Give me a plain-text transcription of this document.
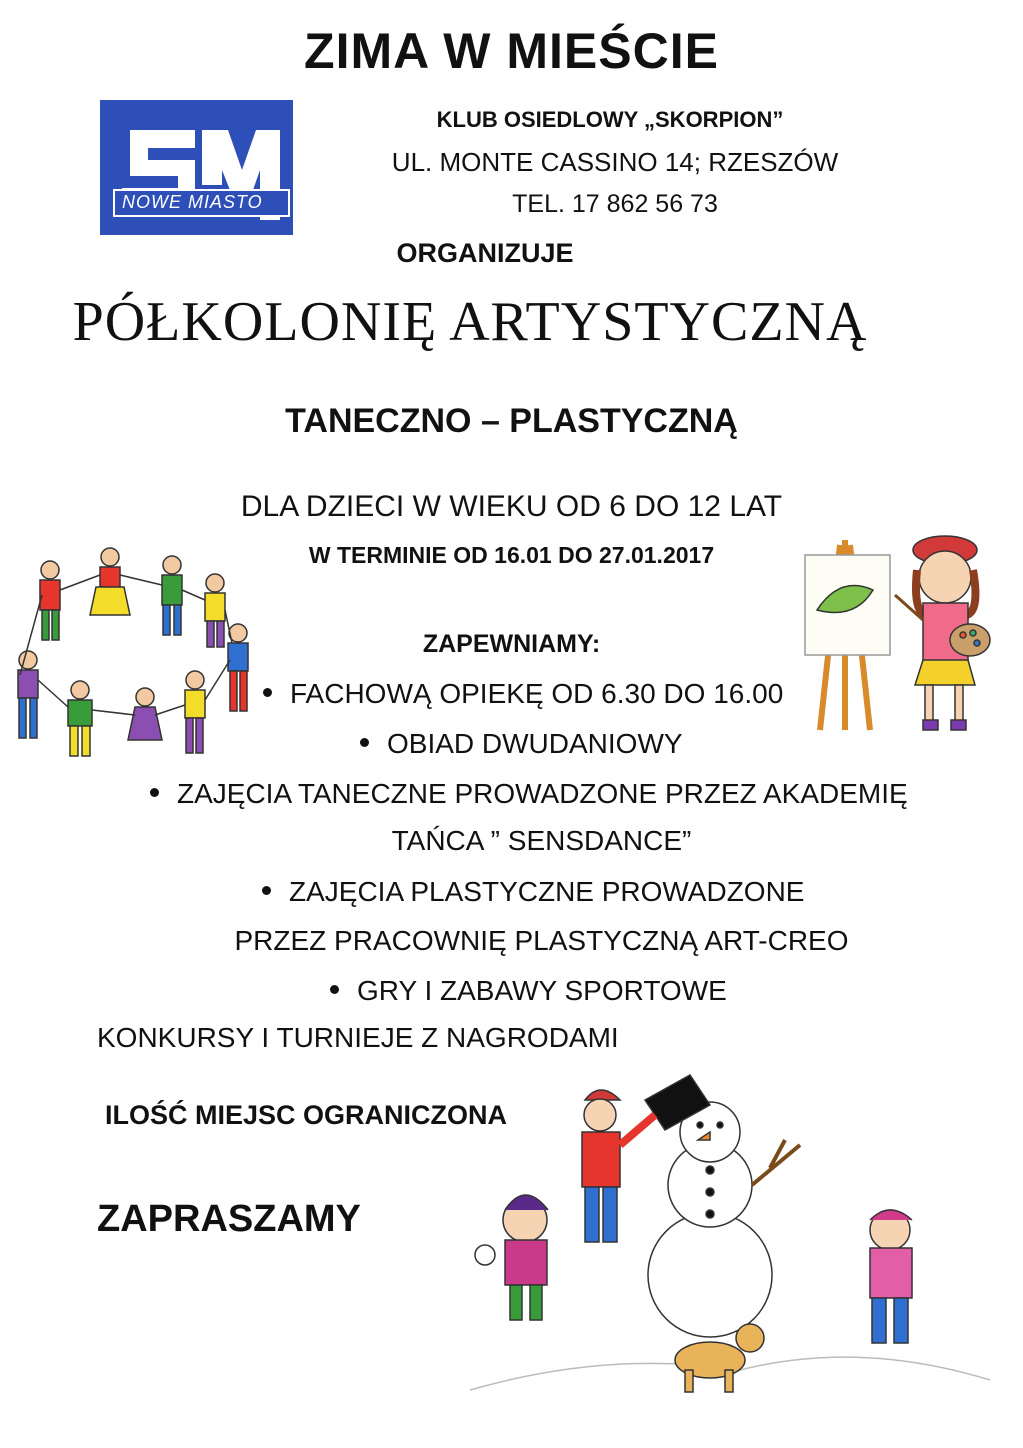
ZIMA W MIEŚCIE
NOWE MIASTO
KLUB OSIEDLOWY „SKORPION”
UL. MONTE CASSINO 14; RZESZÓW
TEL. 17 862 56 73
ORGANIZUJE
PÓŁKOLONIĘ ARTYSTYCZNĄ
TANECZNO – PLASTYCZNĄ
DLA DZIECI W WIEKU OD 6 DO 12 LAT
W TERMINIE OD 16.01 DO 27.01.2017
ZAPEWNIAMY:
FACHOWĄ OPIEKĘ OD 6.30 DO 16.00
OBIAD DWUDANIOWY
ZAJĘCIA TANECZNE PROWADZONE PRZEZ AKADEMIĘ
TAŃCA ” SENSDANCE”
ZAJĘCIA PLASTYCZNE PROWADZONE
PRZEZ PRACOWNIĘ PLASTYCZNĄ ART-CREO
GRY I ZABAWY SPORTOWE
KONKURSY I TURNIEJE Z NAGRODAMI
ILOŚĆ MIEJSC OGRANICZONA
ZAPRASZAMY
